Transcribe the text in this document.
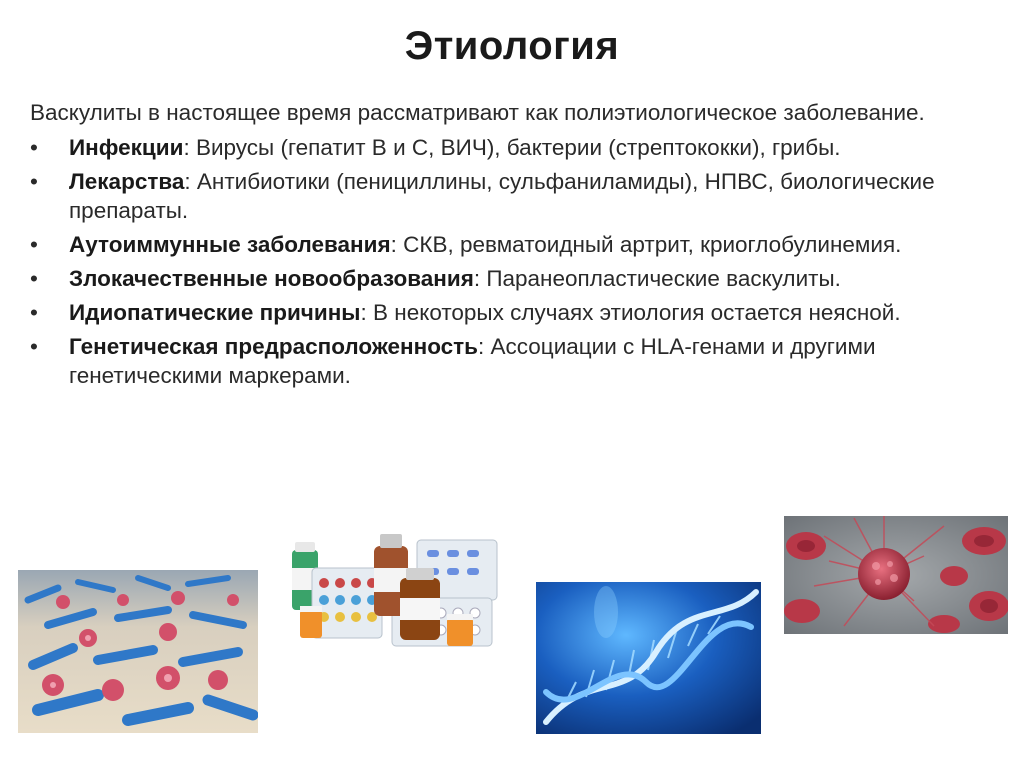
Этиология

Васкулиты в настоящее время рассматривают как полиэтиологическое заболевание.

• Инфекции: Вирусы (гепатит В и С, ВИЧ), бактерии (стрептококки), грибы.
• Лекарства: Антибиотики (пенициллины, сульфаниламиды), НПВС, биологические препараты.
• Аутоиммунные заболевания: СКВ, ревматоидный артрит, криоглобулинемия.
• Злокачественные новообразования: Паранеопластические васкулиты.
• Идиопатические причины: В некоторых случаях этиология остается неясной.
• Генетическая предрасположенность: Ассоциации с HLA-генами и другими генетическими маркерами.
